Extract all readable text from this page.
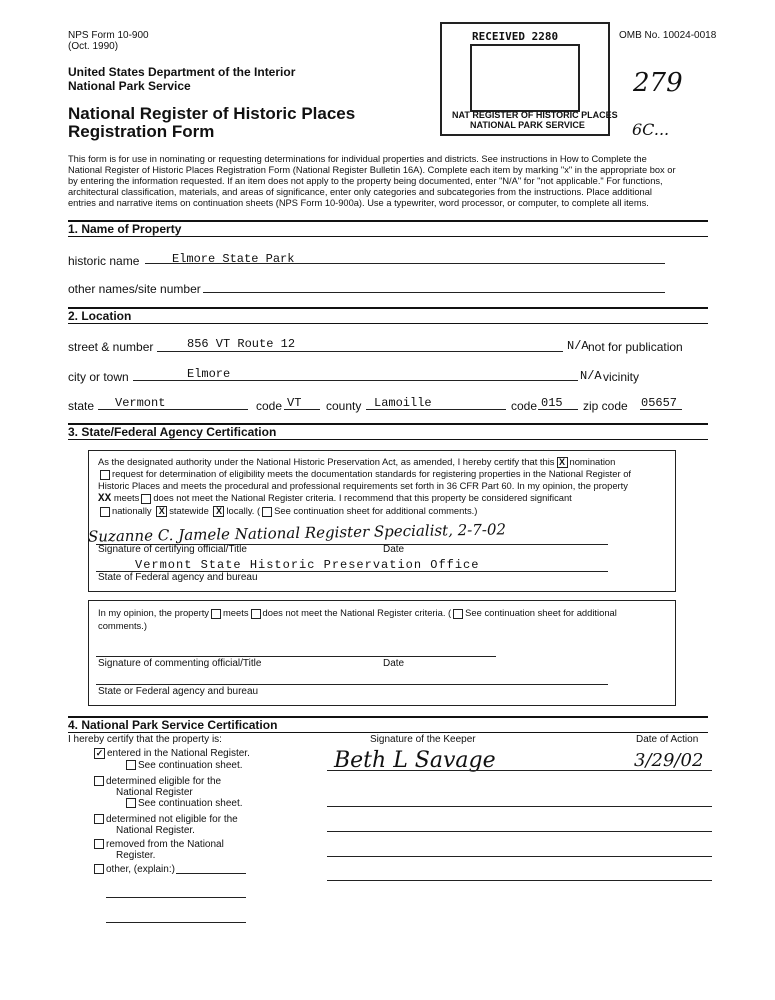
NPS Form 10-900
(Oct. 1990)
OMB No. 10024-0018
United States Department of the Interior
National Park Service
National Register of Historic Places
Registration Form
279
6C...
RECEIVED 2280
NAT REGISTER OF HISTORIC PLACES
NATIONAL PARK SERVICE
This form is for use in nominating or requesting determinations for individual properties and districts. See instructions in How to Complete the
National Register of Historic Places Registration Form (National Register Bulletin 16A). Complete each item by marking "x" in the appropriate box or
by entering the information requested. If an item does not apply to the property being documented, enter "N/A" for "not applicable." For functions,
architectural classification, materials, and areas of significance, enter only categories and subcategories from the instructions. Place additional
entries and narrative items on continuation sheets (NPS Form 10-900a). Use a typewriter, word processor, or computer, to complete all items.
1. Name of Property
historic name	Elmore State Park
other names/site number
2. Location
street & number	856 VT Route 12	N/A not for publication
city or town	Elmore	N/A vicinity
state Vermont	code VT county Lamoille	code 015 zip code 05657
3. State/Federal Agency Certification
As the designated authority under the National Historic Preservation Act, as amended, I hereby certify that this X nomination
request for determination of eligibility meets the documentation standards for registering properties in the National Register of
Historic Places and meets the procedural and professional requirements set forth in 36 CFR Part 60. In my opinion, the property
XX meets does not meet the National Register criteria. I recommend that this property be considered significant
nationally X statewide X locally. ( See continuation sheet for additional comments.)
Suzanne C. Jamele National Register Specialist, 2-7-02
Signature of certifying official/Title	Date
Vermont State Historic Preservation Office
State of Federal agency and bureau
In my opinion, the property meets does not meet the National Register criteria. ( See continuation sheet for additional
comments.)
Signature of commenting official/Title	Date
State or Federal agency and bureau
4. National Park Service Certification
I hereby certify that the property is:	Signature of the Keeper	Date of Action
Beth L Savage	3/29/02
✓ entered in the National Register.
See continuation sheet.
determined eligible for the
National Register
See continuation sheet.
determined not eligible for the
National Register.
removed from the National
Register.
other, (explain:)
